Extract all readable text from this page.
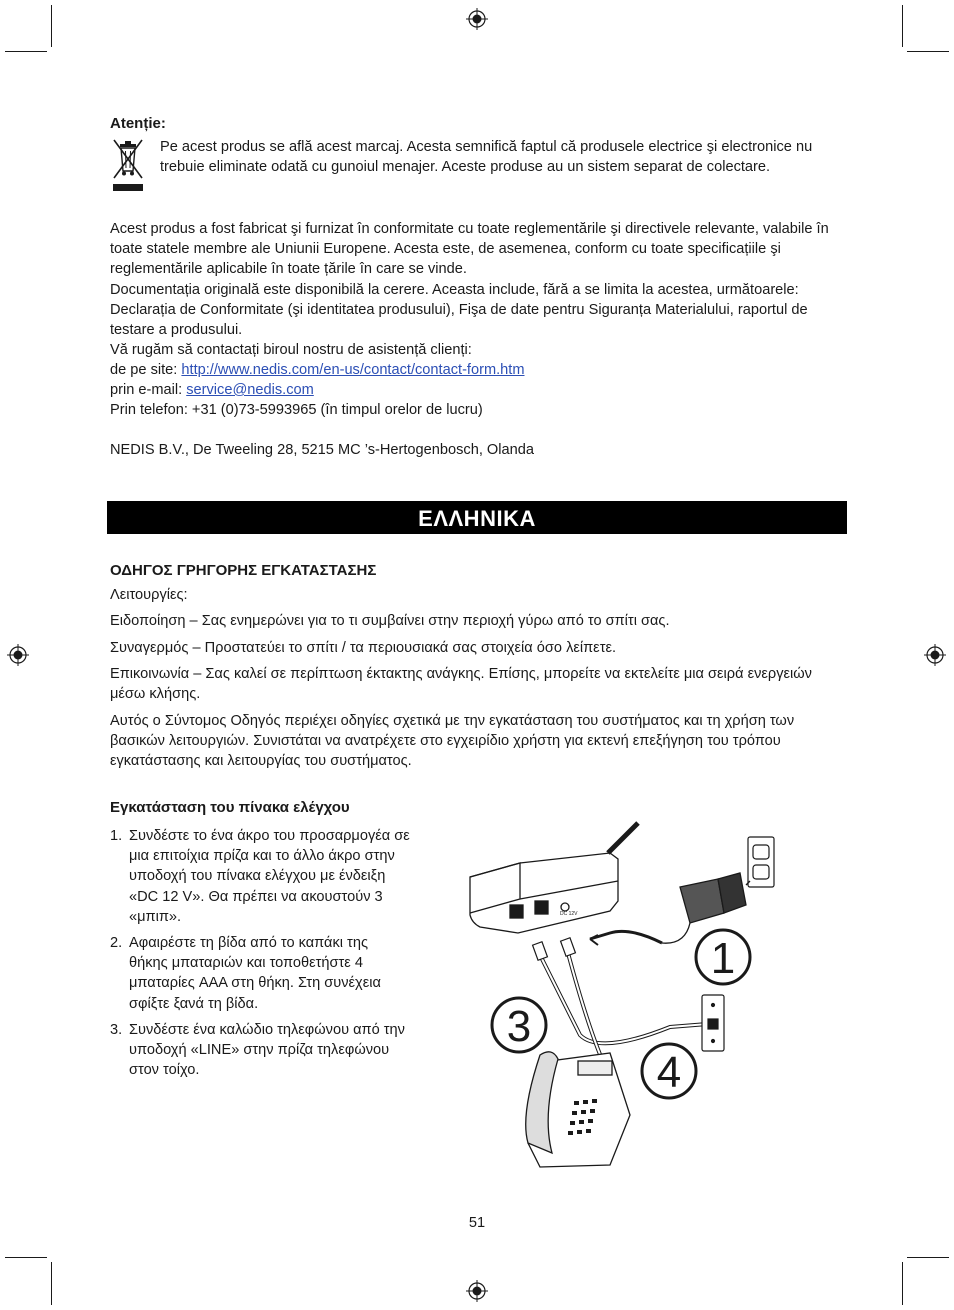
Atenție:
Pe acest produs se află acest marcaj. Acesta semnifică faptul că produsele electrice şi electronice nu trebuie eliminate odată cu gunoiul menajer. Aceste produse au un sistem separat de colectare.
Acest produs a fost fabricat şi furnizat în conformitate cu toate reglementările şi directivele relevante, valabile în toate statele membre ale Uniunii Europene. Acesta este, de asemenea, conform cu toate specificațiile şi reglementările aplicabile în toate țările în care se vinde.
Documentația originală este disponibilă la cerere. Aceasta include, fără a se limita la acestea, următoarele: Declarația de Conformitate (şi identitatea produsului), Fişa de date pentru Siguranța Materialului, raportul de testare a produsului.
Vă rugăm să contactați biroul nostru de asistență clienți:
de pe site: http://www.nedis.com/en-us/contact/contact-form.htm
prin e-mail: service@nedis.com
Prin telefon: +31 (0)73-5993965 (în timpul orelor de lucru)
NEDIS B.V., De Tweeling 28, 5215 MC ’s-Hertogenbosch, Olanda
ΕΛΛΗΝΙΚΑ
ΟΔΗΓΟΣ ΓΡΗΓΟΡΗΣ ΕΓΚΑΤΑΣΤΑΣΗΣ
Λειτουργίες:
Ειδοποίηση – Σας ενημερώνει για το τι συμβαίνει στην περιοχή γύρω από το σπίτι σας.
Συναγερμός – Προστατεύει το σπίτι / τα περιουσιακά σας στοιχεία όσο λείπετε.
Επικοινωνία – Σας καλεί σε περίπτωση έκτακτης ανάγκης. Επίσης, μπορείτε να εκτελείτε μια σειρά ενεργειών μέσω κλήσης.
Αυτός ο Σύντομος Οδηγός περιέχει οδηγίες σχετικά με την εγκατάσταση του συστήματος και τη χρήση των βασικών λειτουργιών. Συνιστάται να ανατρέχετε στο εγχειρίδιο χρήστη για εκτενή επεξήγηση του τρόπου εγκατάστασης και λειτουργίας του συστήματος.
Εγκατάσταση του πίνακα ελέγχου
1. Συνδέστε το ένα άκρο του προσαρμογέα σε μια επιτοίχια πρίζα και το άλλο άκρο στην υποδοχή του πίνακα ελέγχου με ένδειξη «DC 12 V». Θα πρέπει να ακουστούν 3 «μπιπ».
2. Αφαιρέστε τη βίδα από το καπάκι της θήκης μπαταριών και τοποθετήστε 4 μπαταρίες AAA στη θήκη. Στη συνέχεια σφίξτε ξανά τη βίδα.
3. Συνδέστε ένα καλώδιο τηλεφώνου από την υποδοχή «LINE» στην πρίζα τηλεφώνου στον τοίχο.
DC 12V
1
3
4
51
